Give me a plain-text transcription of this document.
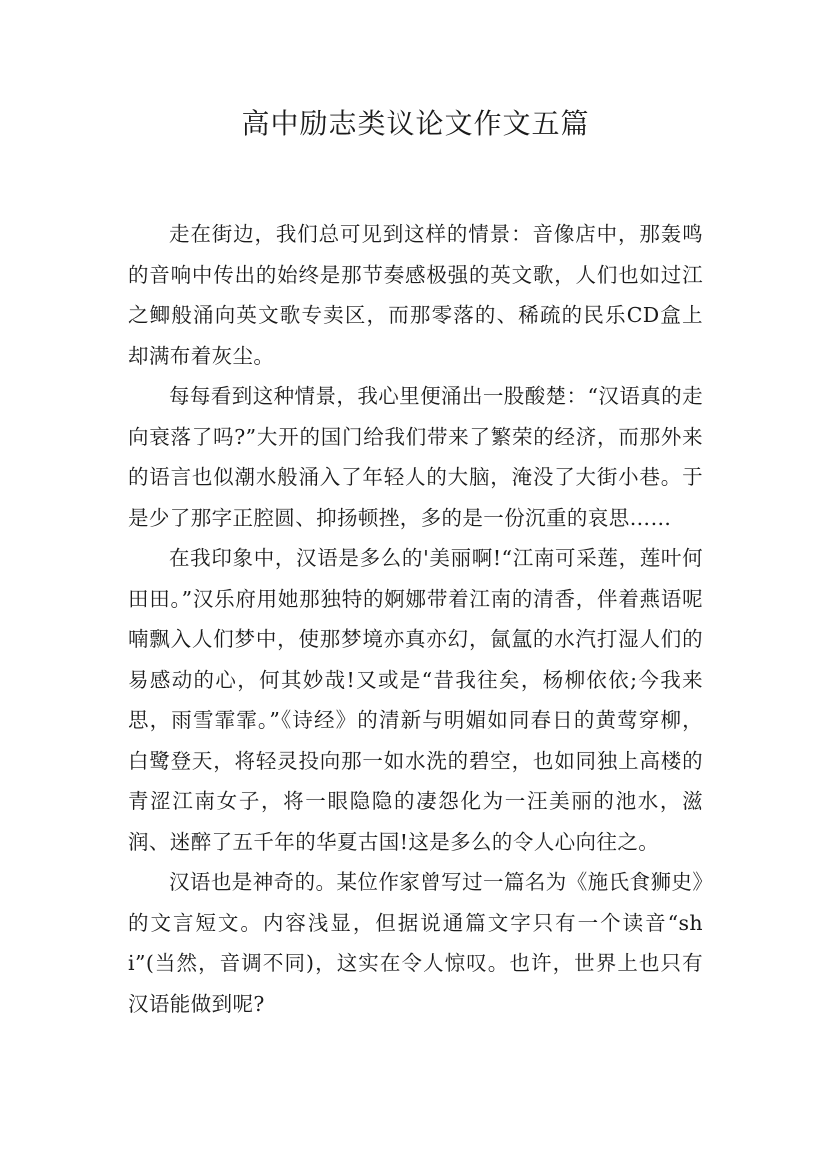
高中励志类议论文作文五篇

走在街边，我们总可见到这样的情景：音像店中，那轰鸣的音响中传出的始终是那节奏感极强的英文歌，人们也如过江之鲫般涌向英文歌专卖区，而那零落的、稀疏的民乐CD盒上却满布着灰尘。

每每看到这种情景，我心里便涌出一股酸楚：“汉语真的走向衰落了吗?”大开的国门给我们带来了繁荣的经济，而那外来的语言也似潮水般涌入了年轻人的大脑，淹没了大街小巷。于是少了那字正腔圆、抑扬顿挫，多的是一份沉重的哀思……

在我印象中，汉语是多么的'美丽啊!“江南可采莲，莲叶何田田。”汉乐府用她那独特的婀娜带着江南的清香，伴着燕语呢喃飘入人们梦中，使那梦境亦真亦幻，氤氲的水汽打湿人们的易感动的心，何其妙哉!又或是“昔我往矣，杨柳依依;今我来思，雨雪霏霏。”《诗经》的清新与明媚如同春日的黄莺穿柳，白鹭登天，将轻灵投向那一如水洗的碧空，也如同独上高楼的青涩江南女子，将一眼隐隐的凄怨化为一汪美丽的池水，滋润、迷醉了五千年的华夏古国!这是多么的令人心向往之。

汉语也是神奇的。某位作家曾写过一篇名为《施氏食狮史》的文言短文。内容浅显，但据说通篇文字只有一个读音“shi”(当然，音调不同)，这实在令人惊叹。也许，世界上也只有汉语能做到呢?
